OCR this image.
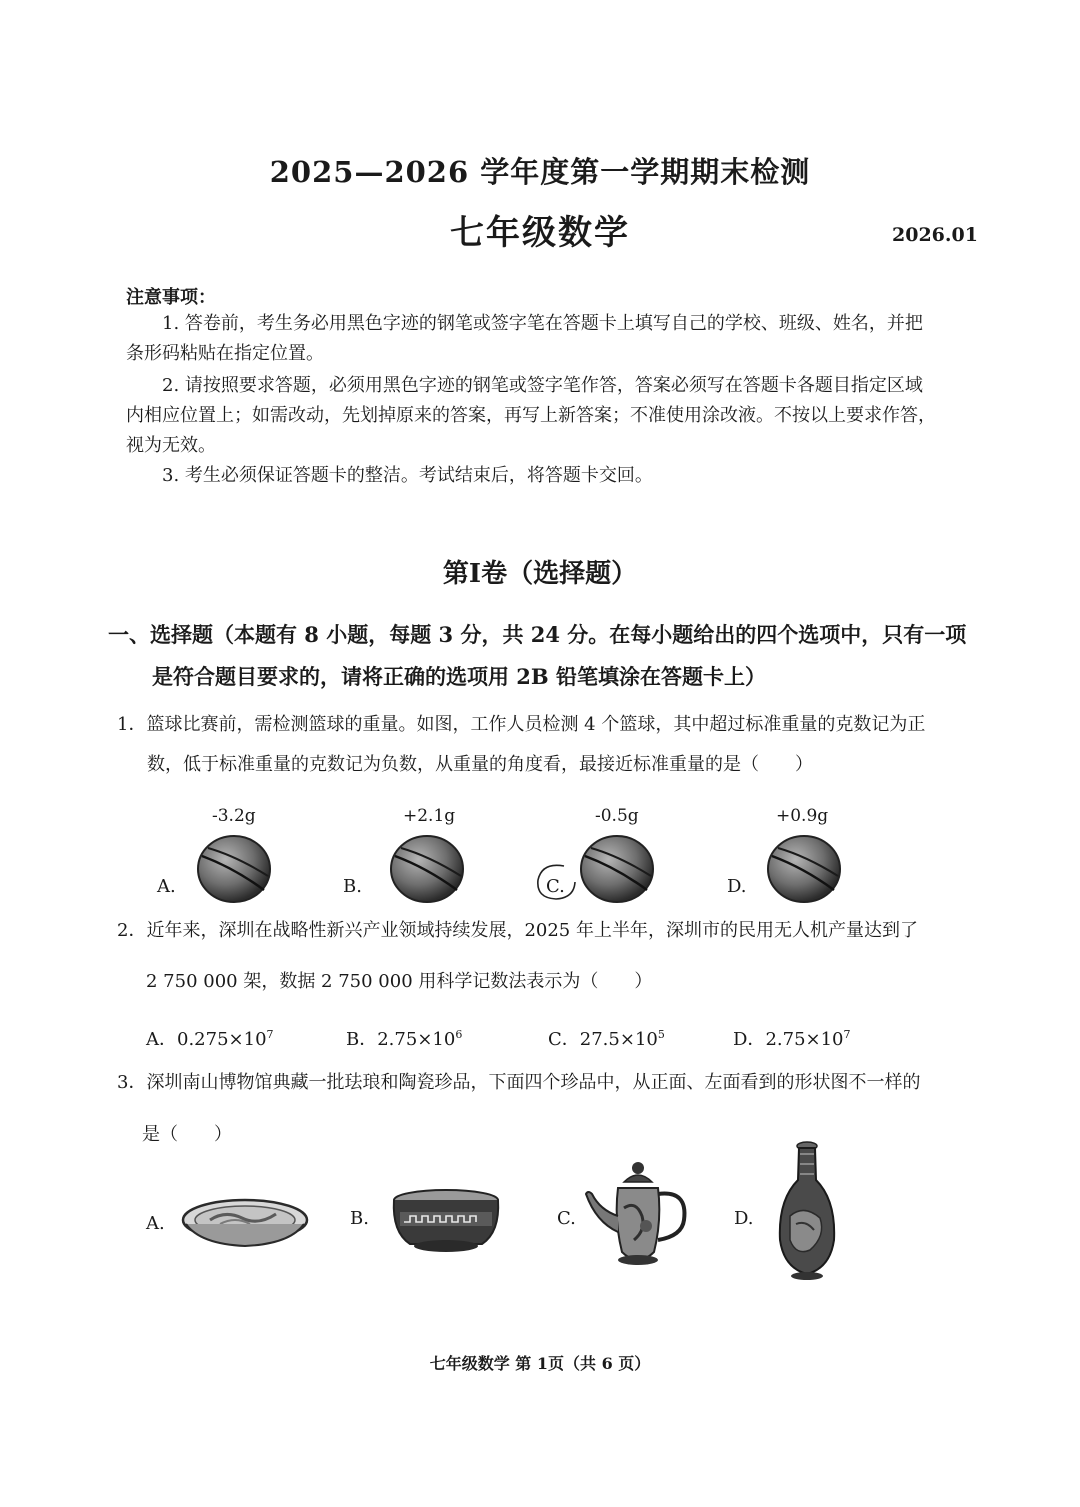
2025—2026 学年度第一学期期末检测
七年级数学	2026.01
注意事项：
1. 答卷前，考生务必用黑色字迹的钢笔或签字笔在答题卡上填写自己的学校、班级、姓名，并把
条形码粘贴在指定位置。
2. 请按照要求答题，必须用黑色字迹的钢笔或签字笔作答，答案必须写在答题卡各题目指定区域
内相应位置上；如需改动，先划掉原来的答案，再写上新答案；不准使用涂改液。不按以上要求作答，
视为无效。
3. 考生必须保证答题卡的整洁。考试结束后，将答题卡交回。
第I卷（选择题）
一、选择题（本题有 8 小题，每题 3 分，共 24 分。在每小题给出的四个选项中，只有一项
是符合题目要求的，请将正确的选项用 2B 铅笔填涂在答题卡上）
1．篮球比赛前，需检测篮球的重量。如图，工作人员检测 4 个篮球，其中超过标准重量的克数记为正
数，低于标准重量的克数记为负数，从重量的角度看，最接近标准重量的是（　　）
-3.2g	+2.1g	-0.5g	+0.9g
A.	B.	C.	D.
2．近年来，深圳在战略性新兴产业领域持续发展，2025 年上半年，深圳市的民用无人机产量达到了
2 750 000 架，数据 2 750 000 用科学记数法表示为（　　）
A．$0.275\times 10^7$	B．$2.75\times 10^6$	C．$27.5\times 10^5$	D．$2.75\times 10^7$
3．深圳南山博物馆典藏一批珐琅和陶瓷珍品，下面四个珍品中，从正面、左面看到的形状图不一样的
是（　　）
A.	B.	C.	D.
七年级数学 第 1页（共 6 页）
